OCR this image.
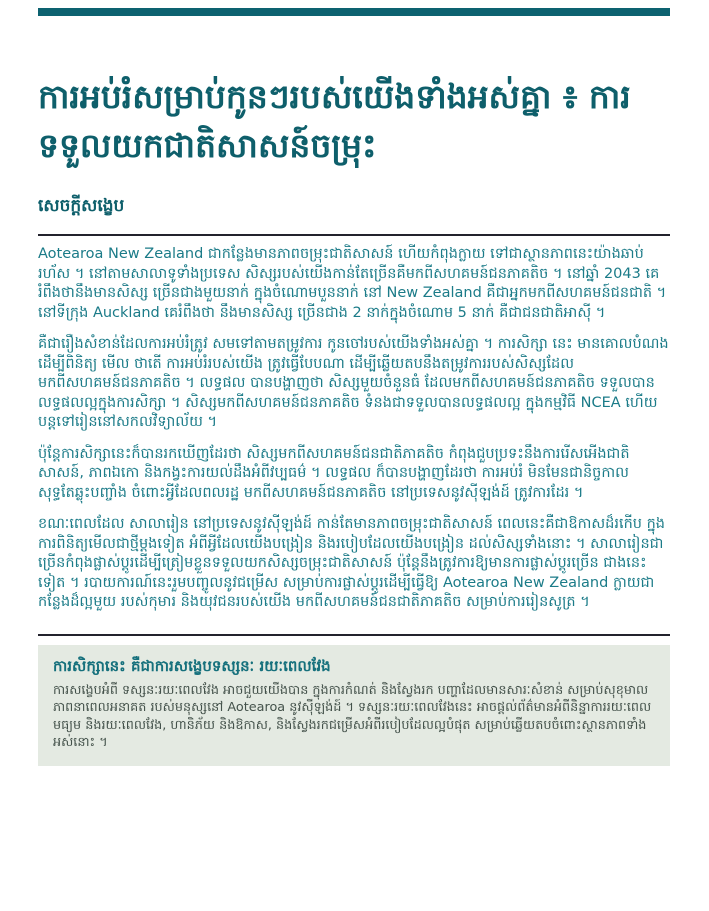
ការអប់រំសម្រាប់កូនៗរបស់យើងទាំងអស់គ្នា ៖ ការទទួលយកជាតិសាសន៍ចម្រុះ
សេចក្តីសង្ខេប

Aotearoa New Zealand ជាកន្លែងមានភាពចម្រុះជាតិសាសន៍ ហើយកំពុងក្លាយ ទៅជាស្ថានភាពនេះយ៉ាងឆាប់រហ័ស ។ នៅតាមសាលាទូទាំងប្រទេស សិស្សរបស់យើងកាន់តែច្រើនគឺមកពីសហគមន៍ជនភាគតិច ។ នៅឆ្នាំ 2043 គេរំពឹងថានឹងមានសិស្ស ច្រើនជាងមួយនាក់ ក្នុងចំណោមបួននាក់ នៅ New Zealand គឺជាអ្នកមកពីសហគមន៍ជនជាតិ ។ នៅទីក្រុង Auckland គេរំពឹងថា នឹងមានសិស្ស ច្រើនជាង 2 នាក់ក្នុងចំណោម 5 នាក់ គឺជាជនជាតិអាស៊ី ។

គឺជារឿងសំខាន់ដែលការអប់រំត្រូវ សមទៅតាមតម្រូវការ កូនចៅរបស់យើងទាំងអស់គ្នា ។ ការសិក្សា នេះ មានគោលបំណង ដើម្បីពិនិត្យ មើល ថាតើ ការអប់រំរបស់យើង ត្រូវធ្វើបែបណា ដើម្បីឆ្លើយតបនឹងតម្រូវការរបស់សិស្សដែលមកពីសហគមន៍ជនភាគតិច ។ លទ្ធផល បានបង្ហាញថា សិស្សមួយចំនួនធំ ដែលមកពីសហគមន៍ជនភាគតិច ទទួលបានលទ្ធផលល្អក្នុងការសិក្សា ។ សិស្សមកពីសហគមន៍ជនភាគតិច ទំនងជាទទួលបានលទ្ធផលល្អ ក្នុងកម្មវិធី NCEA ហើយបន្តទៅរៀននៅសកលវិទ្យាល័យ ។

ប៉ុន្តែការសិក្សានេះក៏បានរកឃើញដែរថា សិស្សមកពីសហគមន៍ជនជាតិភាគតិច កំពុងជួបប្រទះនឹងការរើសអើងជាតិសាសន៍, ភាពឯកោ និងកង្វះការយល់ដឹងអំពីវប្បធម៌ ។ លទ្ធផល ក៏បានបង្ហាញដែរថា ការអប់រំ មិនមែនជានិច្ចកាល សុទ្ធតែឆ្លុះបញ្ចាំង ចំពោះអ្វីដែលពលរដ្ឋ មកពីសហគមន៍ជនភាគតិច នៅប្រទេសនូវស៊ីឡង់ដ៍ ត្រូវការដែរ ។

ខណៈពេលដែល សាលារៀន នៅប្រទេសនូវស៊ីឡង់ដ៍ កាន់តែមានភាពចម្រុះជាតិសាសន៍ ពេលនេះគឺជាឱកាសដ៏រកើប ក្នុងការពិនិត្យមើលជាថ្មីម្តងទៀត អំពីអ្វីដែលយើងបង្រៀន និងរបៀបដែលយើងបង្រៀន ដល់សិស្សទាំងនោះ ។ សាលារៀនជាច្រើនកំពុងផ្លាស់ប្តូរដើម្បីត្រៀមខ្លួនទទួលយកសិស្សចម្រុះជាតិសាសន៍ ប៉ុន្តែនឹងត្រូវការឱ្យមានការផ្លាស់ប្តូរច្រើន ជាងនេះទៀត ។ របាយការណ៍នេះរួមបញ្ចូលនូវជម្រើស សម្រាប់ការផ្លាស់ប្តូរដើម្បីធ្វើឱ្យ Aotearoa New Zealand ក្លាយជាកន្លែងដ៏ល្អមួយ របស់កុមារ និងយុវជនរបស់យើង មកពីសហគមន៍ជនជាតិភាគតិច សម្រាប់ការរៀនសូត្រ ។

ការសិក្សានេះ គឺជាការសង្ខេបទស្សនៈ រយៈពេលវែង

ការសង្ខេបអំពី ទស្សនៈរយៈពេលវែង អាចជួយយើងបាន ក្នុងការកំណត់ និងស្វែងរក បញ្ហាដែលមានសារៈសំខាន់ សម្រាប់សុខុមាលភាពនាពេលអនាគត របស់មនុស្សនៅ Aotearoa នូវស៊ីឡង់ដ៍ ។ ទស្សនៈរយៈពេលវែងនេះ អាចផ្តល់ព័ត៌មានអំពីនិន្នាការរយៈពេលមធ្យម និងរយៈពេលវែង, ហានិភ័យ និងឱកាស, និងស្វែងរកជម្រើសអំពីរបៀបដែលល្អបំផុត សម្រាប់ឆ្លើយតបចំពោះស្ថានភាពទាំងអស់នោះ ។
